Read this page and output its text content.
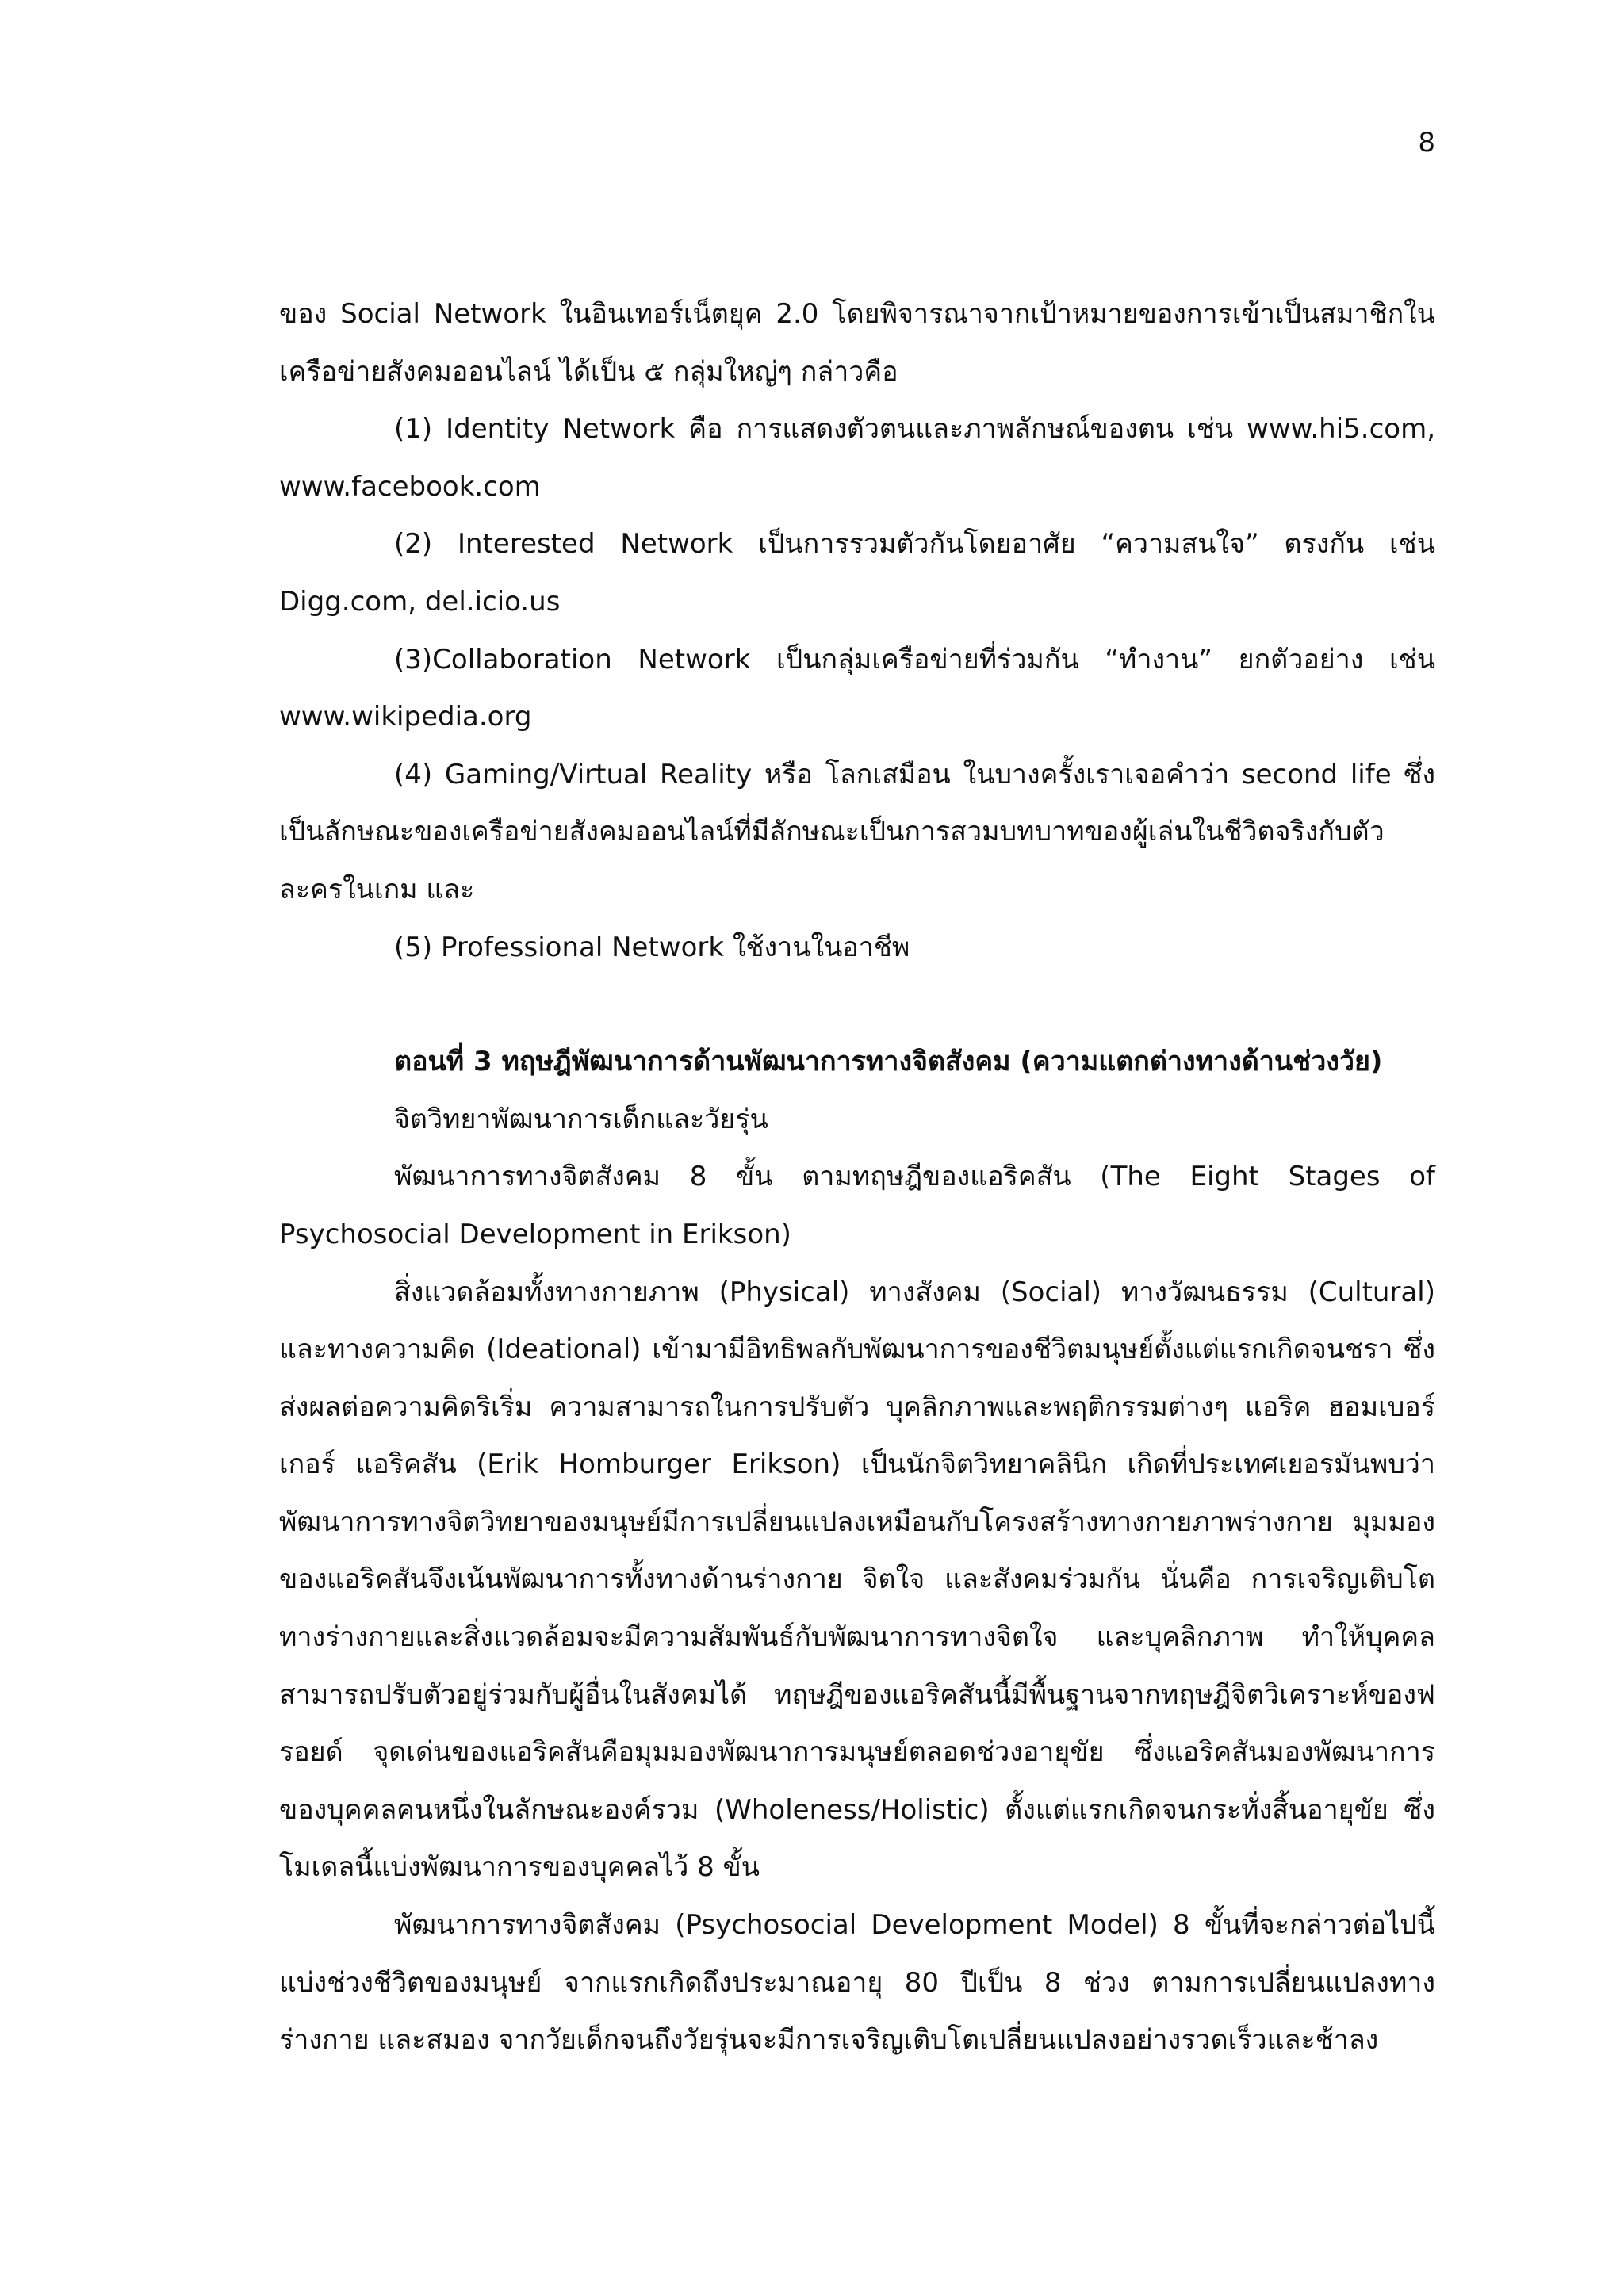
8

ของ Social Network ในอินเทอร์เน็ตยุค 2.0 โดยพิจารณาจากเป้าหมายของการเข้าเป็นสมาชิกในเครือข่ายสังคมออนไลน์ ได้เป็น ๕ กลุ่มใหญ่ๆ กล่าวคือ

(1) Identity Network คือ การแสดงตัวตนและภาพลักษณ์ของตน เช่น www.hi5.com, www.facebook.com

(2) Interested Network เป็นการรวมตัวกันโดยอาศัย “ความสนใจ” ตรงกัน เช่น Digg.com, del.icio.us

(3)Collaboration Network เป็นกลุ่มเครือข่ายที่ร่วมกัน “ทำงาน” ยกตัวอย่าง เช่น www.wikipedia.org

(4) Gaming/Virtual Reality หรือ โลกเสมือน ในบางครั้งเราเจอคำว่า second life ซึ่งเป็นลักษณะของเครือข่ายสังคมออนไลน์ที่มีลักษณะเป็นการสวมบทบาทของผู้เล่นในชีวิตจริงกับตัวละครในเกม และ

(5) Professional Network ใช้งานในอาชีพ

ตอนที่ 3 ทฤษฎีพัฒนาการด้านพัฒนาการทางจิตสังคม (ความแตกต่างทางด้านช่วงวัย)

จิตวิทยาพัฒนาการเด็กและวัยรุ่น

พัฒนาการทางจิตสังคม 8 ขั้น ตามทฤษฎีของแอริคสัน (The Eight Stages of Psychosocial Development in Erikson)

สิ่งแวดล้อมทั้งทางกายภาพ (Physical) ทางสังคม (Social) ทางวัฒนธรรม (Cultural) และทางความคิด (Ideational) เข้ามามีอิทธิพลกับพัฒนาการของชีวิตมนุษย์ตั้งแต่แรกเกิดจนชรา ซึ่งส่งผลต่อความคิดริเริ่ม ความสามารถในการปรับตัว บุคลิกภาพและพฤติกรรมต่างๆ แอริค ฮอมเบอร์เกอร์ แอริคสัน (Erik Homburger Erikson) เป็นนักจิตวิทยาคลินิก เกิดที่ประเทศเยอรมันพบว่าพัฒนาการทางจิตวิทยาของมนุษย์มีการเปลี่ยนแปลงเหมือนกับโครงสร้างทางกายภาพร่างกาย มุมมองของแอริคสันจึงเน้นพัฒนาการทั้งทางด้านร่างกาย จิตใจ และสังคมร่วมกัน นั่นคือ การเจริญเติบโตทางร่างกายและสิ่งแวดล้อมจะมีความสัมพันธ์กับพัฒนาการทางจิตใจ และบุคลิกภาพ ทำให้บุคคลสามารถปรับตัวอยู่ร่วมกับผู้อื่นในสังคมได้ ทฤษฎีของแอริคสันนี้มีพื้นฐานจากทฤษฎีจิตวิเคราะห์ของฟรอยด์ จุดเด่นของแอริคสันคือมุมมองพัฒนาการมนุษย์ตลอดช่วงอายุขัย ซึ่งแอริคสันมองพัฒนาการของบุคคลคนหนึ่งในลักษณะองค์รวม (Wholeness/Holistic) ตั้งแต่แรกเกิดจนกระทั่งสิ้นอายุขัย ซึ่งโมเดลนี้แบ่งพัฒนาการของบุคคลไว้ 8 ขั้น

พัฒนาการทางจิตสังคม (Psychosocial Development Model) 8 ขั้นที่จะกล่าวต่อไปนี้แบ่งช่วงชีวิตของมนุษย์ จากแรกเกิดถึงประมาณอายุ 80 ปีเป็น 8 ช่วง ตามการเปลี่ยนแปลงทางร่างกาย และสมอง จากวัยเด็กจนถึงวัยรุ่นจะมีการเจริญเติบโตเปลี่ยนแปลงอย่างรวดเร็วและช้าลง
